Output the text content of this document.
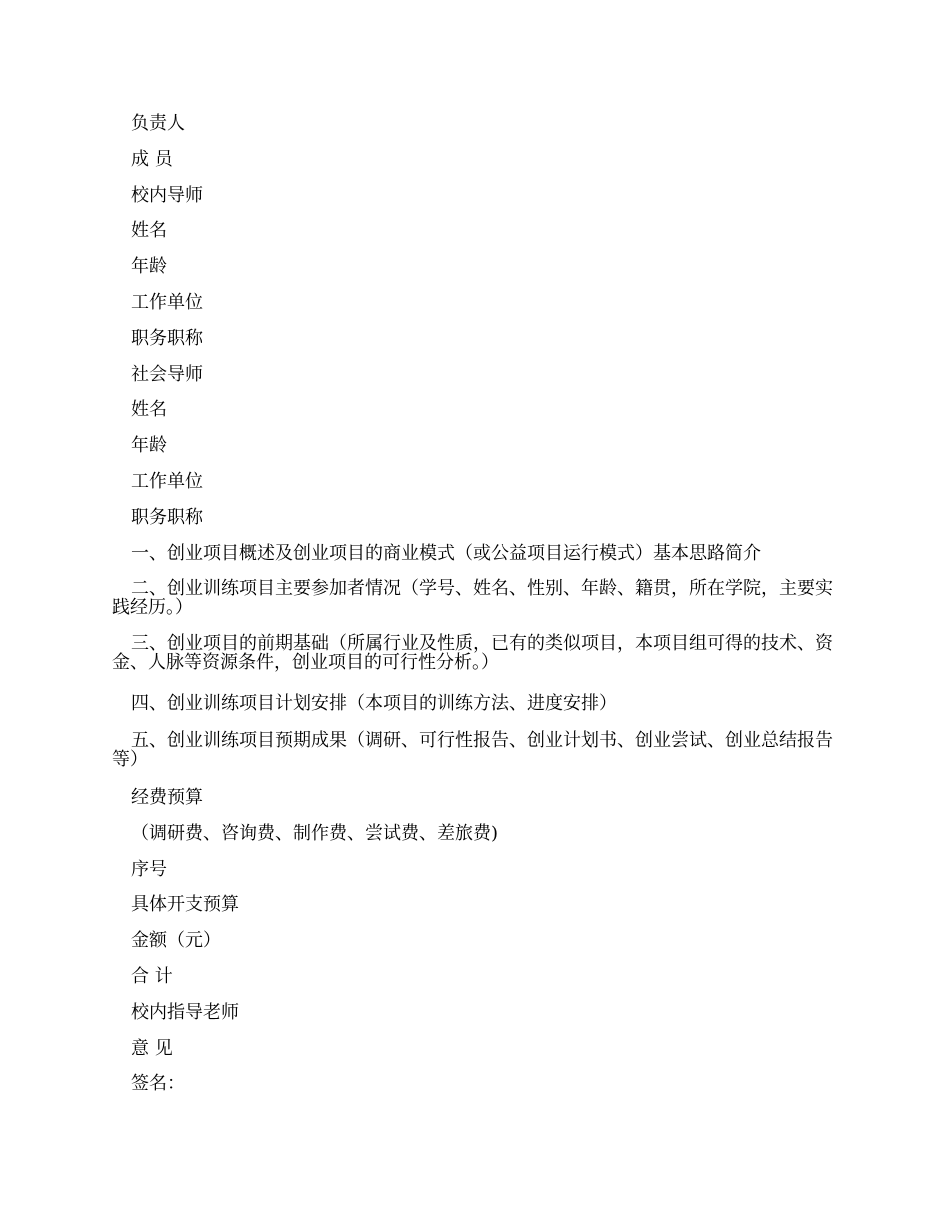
负责人

成 员

校内导师

姓名

年龄

工作单位

职务职称

社会导师

姓名

年龄

工作单位

职务职称

一、创业项目概述及创业项目的商业模式（或公益项目运行模式）基本思路简介

二、创业训练项目主要参加者情况（学号、姓名、性别、年龄、籍贯，所在学院，主要实践经历。）

三、创业项目的前期基础（所属行业及性质，已有的类似项目，本项目组可得的技术、资金、人脉等资源条件，创业项目的可行性分析。）

四、创业训练项目计划安排（本项目的训练方法、进度安排）

五、创业训练项目预期成果（调研、可行性报告、创业计划书、创业尝试、创业总结报告等）

经费预算

（调研费、咨询费、制作费、尝试费、差旅费)

序号

具体开支预算

金额（元）

合 计

校内指导老师

意 见

签名：
